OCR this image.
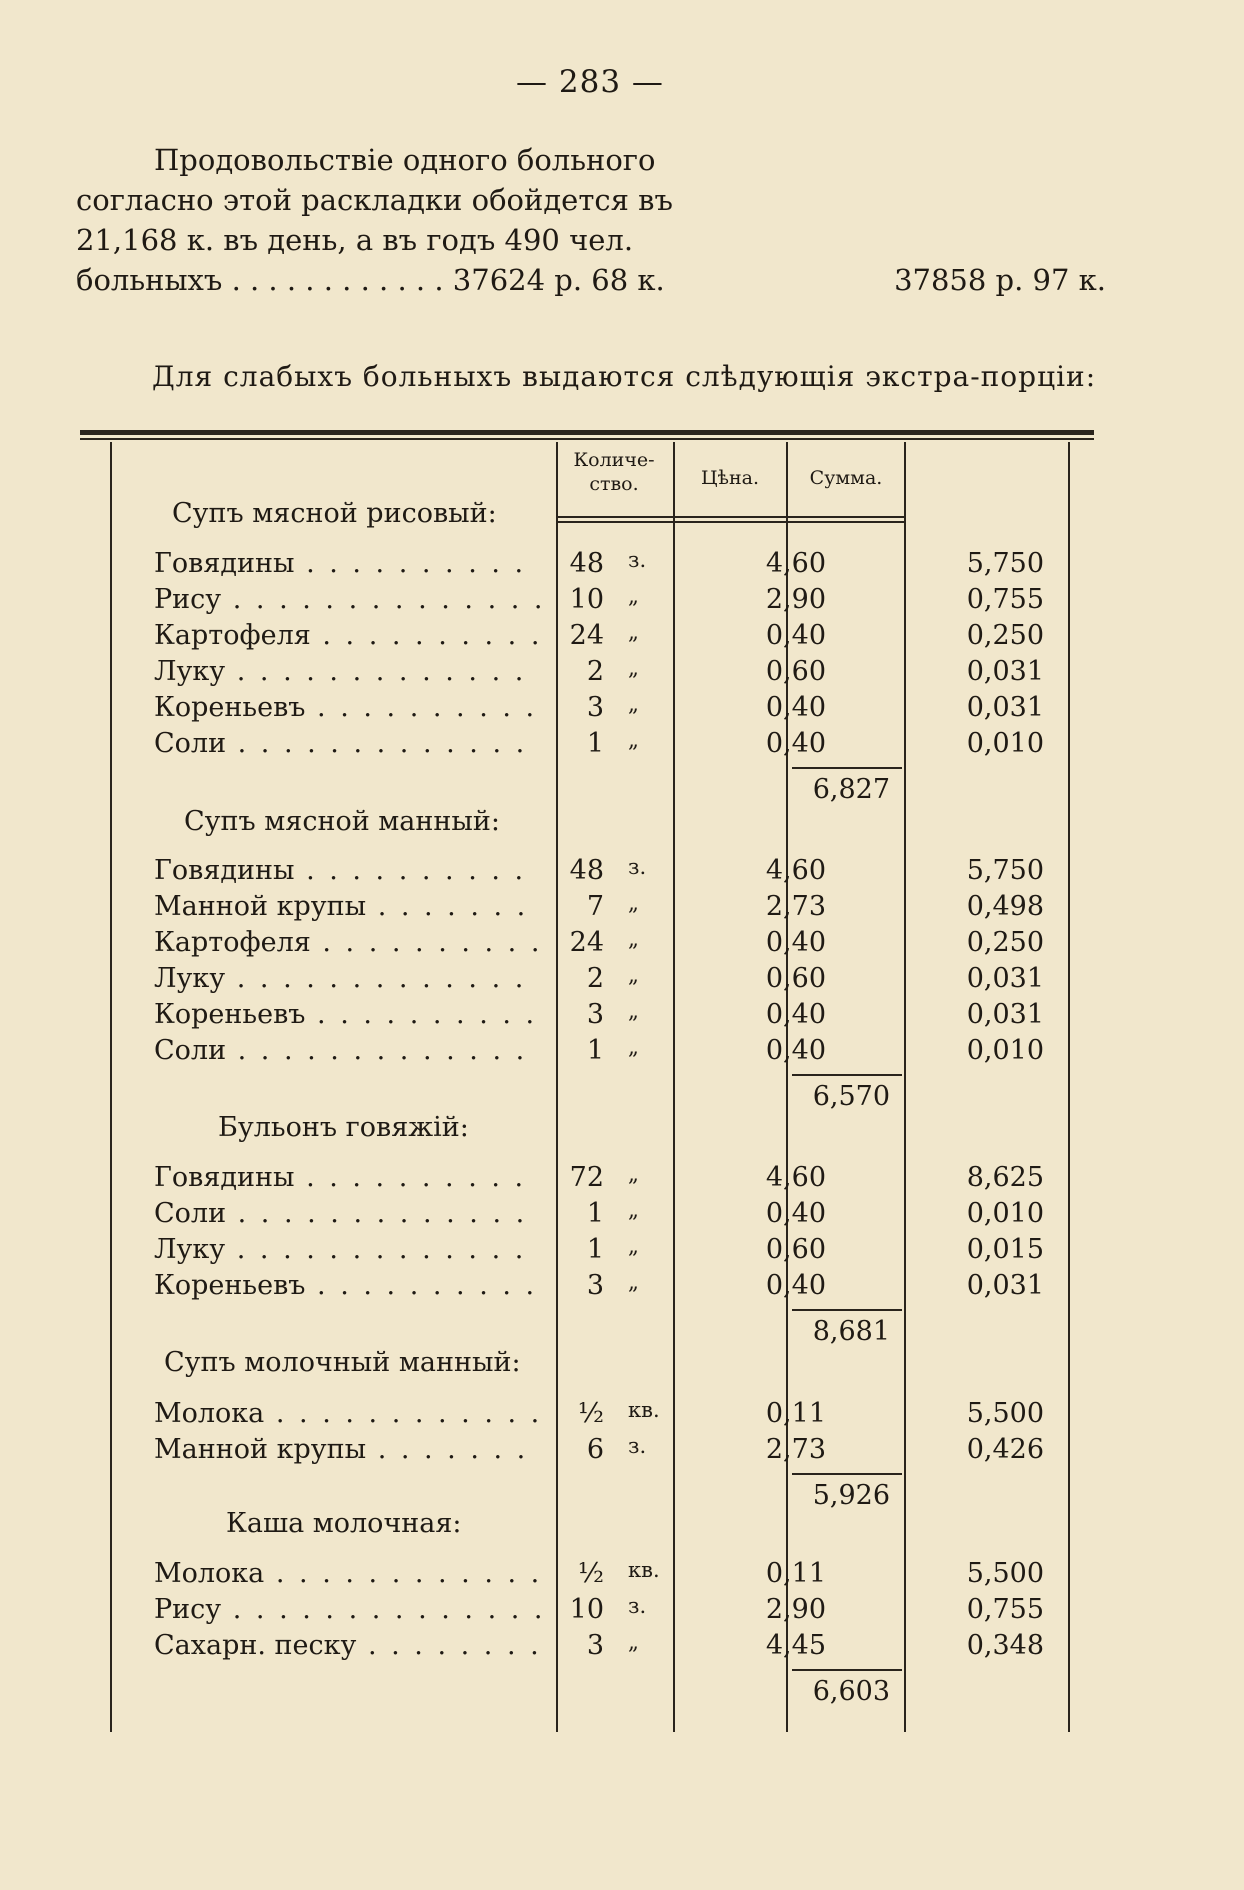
— 283 —
Продовольствіе одного больного
согласно этой раскладки обойдется въ
21,168 к. въ день, а въ годъ 490 чел.
больныхъ . . . . . . . . . . . . 37624 р. 68 к.	37858 р. 97 к.
Для слабыхъ больныхъ выдаются слѣдующія экстра-порціи:
Количе-ство.	Цѣна.	Сумма.
Супъ мясной рисовый:
Говядины . . .	48 з.	4,60	5,750
Рису . . .	10 „	2,90	0,755
Картофеля . . .	24 „	0,40	0,250
Луку . . .	2 „	0,60	0,031
Кореньевъ . . .	3 „	0,40	0,031
Соли . . .	1 „	0,40	0,010
6,827
Супъ мясной манный:
Говядины . . .	48 з.	4,60	5,750
Манной крупы . . .	7 „	2,73	0,498
Картофеля . . .	24 „	0,40	0,250
Луку . . .	2 „	0,60	0,031
Кореньевъ . . .	3 „	0,40	0,031
Соли . . .	1 „	0,40	0,010
6,570
Бульонъ говяжій:
Говядины . . .	72 „	4,60	8,625
Соли . . .	1 „	0,40	0,010
Луку . . .	1 „	0,60	0,015
Кореньевъ . . .	3 „	0,40	0,031
8,681
Супъ молочный манный:
Молока . . .	½ кв.	0,11	5,500
Манной крупы . . .	6 з.	2,73	0,426
5,926
Каша молочная:
Молока . . .	½ кв.	0,11	5,500
Рису . . .	10 з.	2,90	0,755
Сахарн. песку . . .	3 „	4,45	0,348
6,603
